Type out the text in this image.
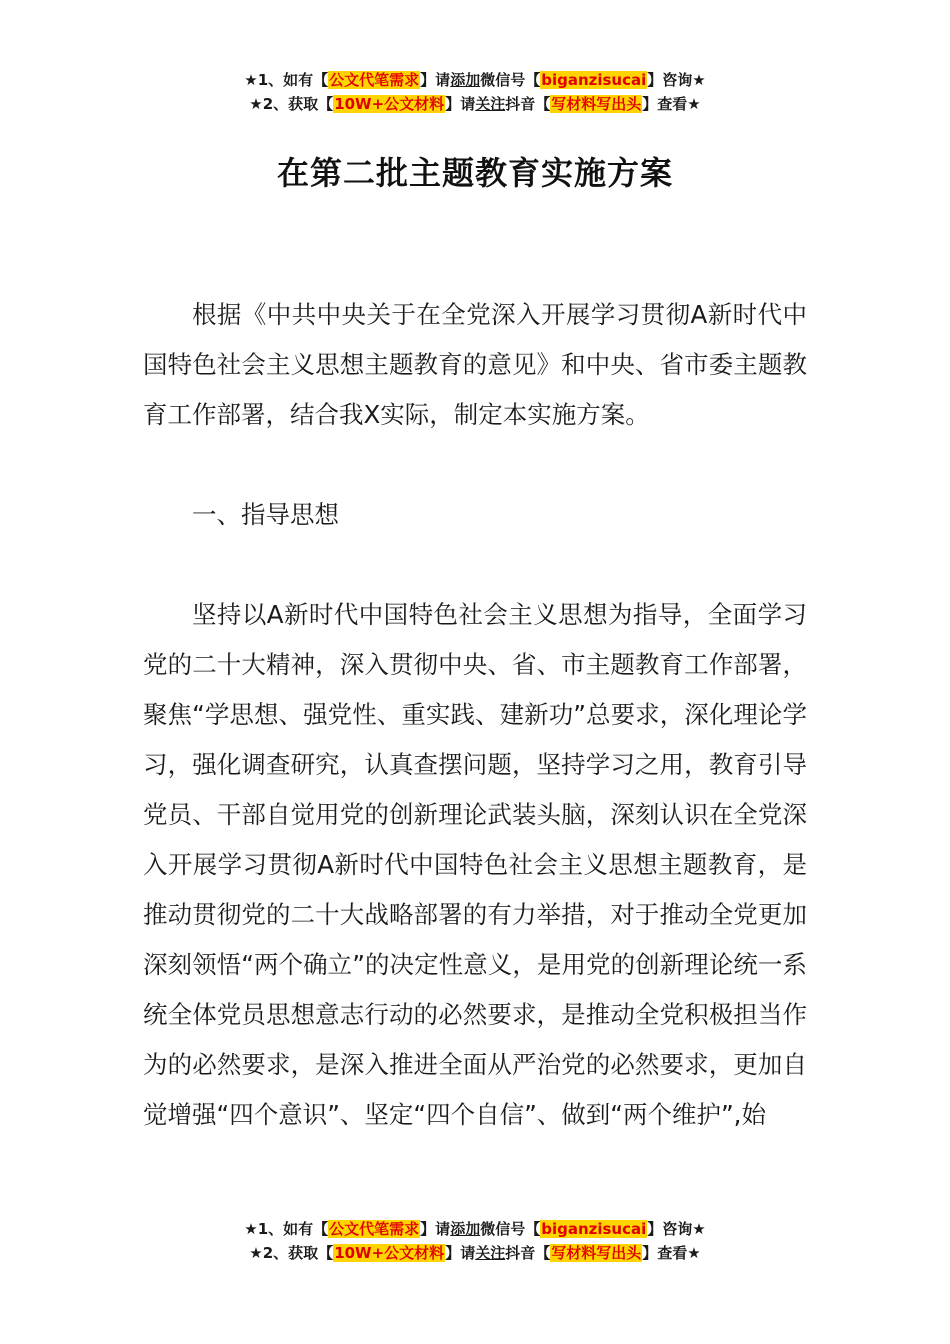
★1、如有【公文代笔需求】请添加微信号【biganzisucai】咨询★
★2、获取【10W+公文材料】请关注抖音【写材料写出头】查看★
在第二批主题教育实施方案

根据《中共中央关于在全党深入开展学习贯彻A新时代中国特色社会主义思想主题教育的意见》和中央、省市委主题教育工作部署，结合我X实际，制定本实施方案。

一、指导思想

坚持以A新时代中国特色社会主义思想为指导，全面学习党的二十大精神，深入贯彻中央、省、市主题教育工作部署，聚焦“学思想、强党性、重实践、建新功”总要求，深化理论学习，强化调查研究，认真查摆问题，坚持学习之用，教育引导党员、干部自觉用党的创新理论武装头脑，深刻认识在全党深入开展学习贯彻A新时代中国特色社会主义思想主题教育，是推动贯彻党的二十大战略部署的有力举措，对于推动全党更加深刻领悟“两个确立”的决定性意义，是用党的创新理论统一系统全体党员思想意志行动的必然要求，是推动全党积极担当作为的必然要求，是深入推进全面从严治党的必然要求，更加自觉增强“四个意识”、坚定“四个自信”、做到“两个维护”,始

★1、如有【公文代笔需求】请添加微信号【biganzisucai】咨询★
★2、获取【10W+公文材料】请关注抖音【写材料写出头】查看★
